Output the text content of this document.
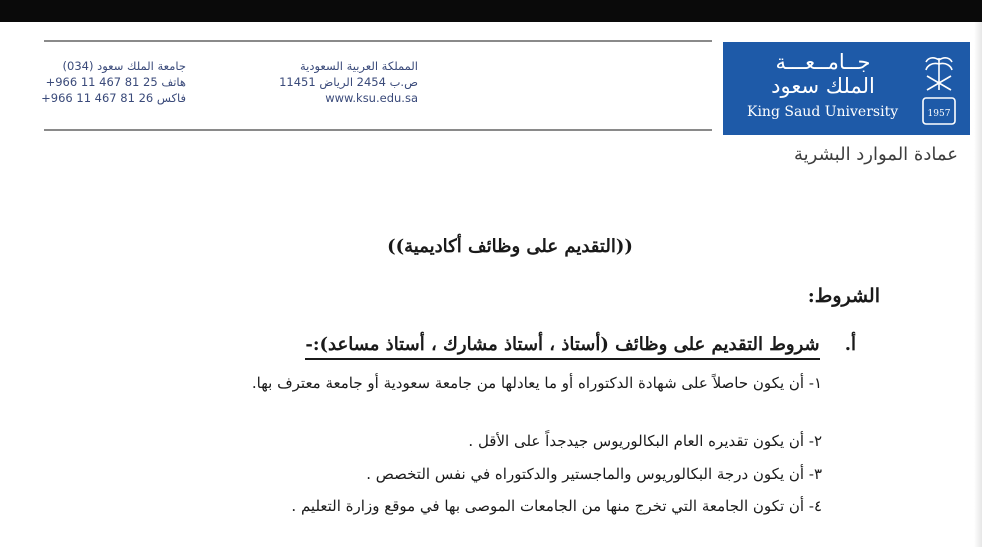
جامعة الملك سعود (034)
هاتف +966 11 467 81 25
فاكس +966 11 467 81 26
المملكة العربية السعودية
ص.ب 2454 الرياض 11451
www.ksu.edu.sa
جــامــعـــة
الملك سعود
King Saud University	1957
عمادة الموارد البشرية
((التقديم على وظائف أكاديمية))
الشروط:
أ.    شروط التقديم على وظائف (أستاذ ، أستاذ مشارك ، أستاذ مساعد):-
١- أن يكون حاصلاً على شهادة الدكتوراه أو ما يعادلها من جامعة سعودية أو جامعة معترف بها.
٢- أن يكون تقديره العام البكالوريوس جيدجداً على الأقل .
٣- أن يكون درجة البكالوريوس والماجستير والدكتوراه في نفس التخصص .
٤- أن تكون الجامعة التي تخرج منها من الجامعات الموصى بها في موقع وزارة التعليم .
